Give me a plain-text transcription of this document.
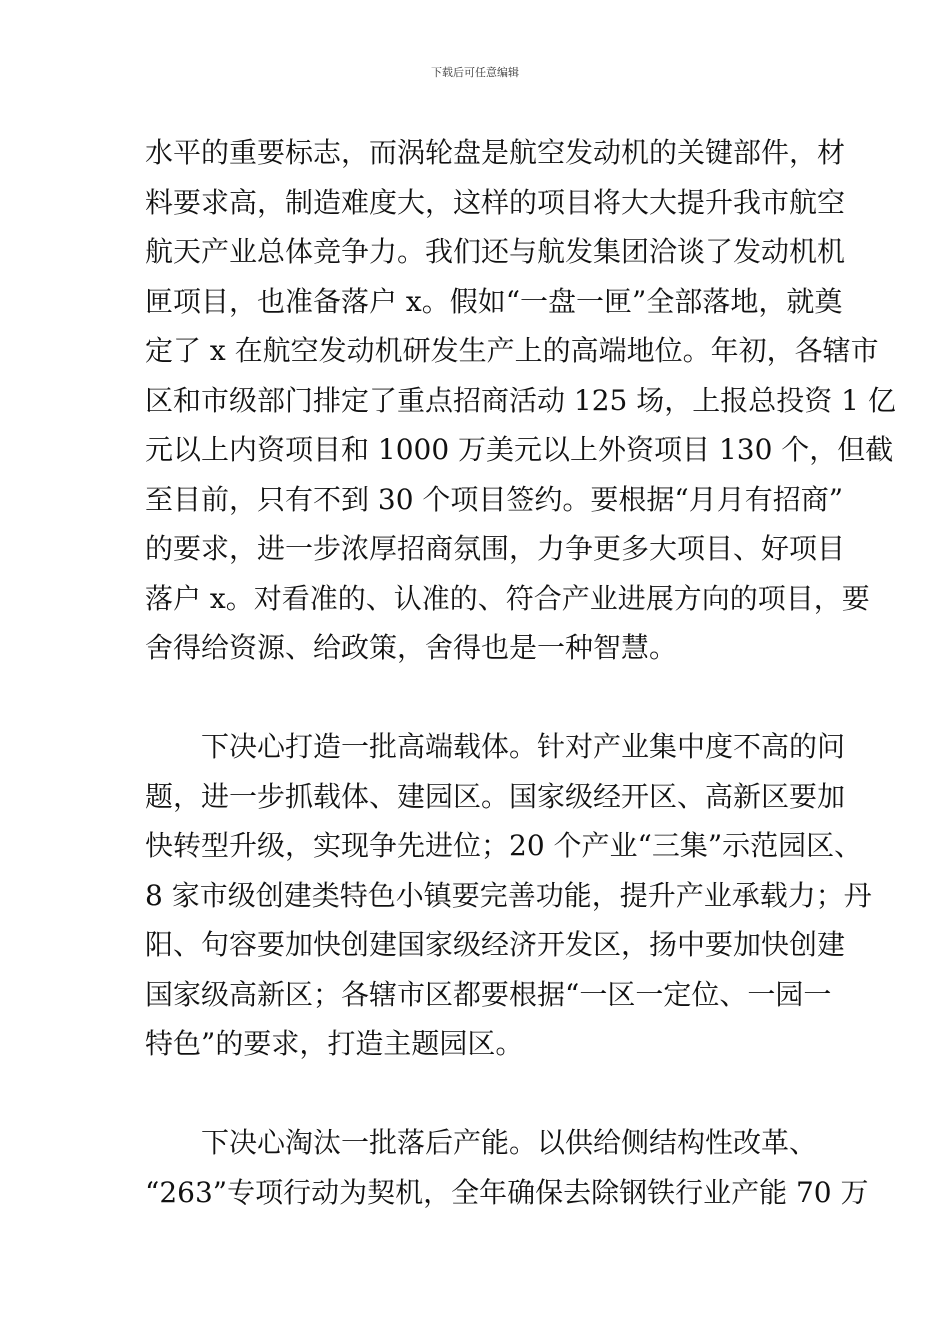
下载后可任意编辑

水平的重要标志，而涡轮盘是航空发动机的关键部件，材
料要求高，制造难度大，这样的项目将大大提升我市航空
航天产业总体竞争力。我们还与航发集团洽谈了发动机机
匣项目，也准备落户 x。假如“一盘一匣”全部落地，就奠
定了 x 在航空发动机研发生产上的高端地位。年初，各辖市
区和市级部门排定了重点招商活动 125 场，上报总投资 1 亿
元以上内资项目和 1000 万美元以上外资项目 130 个，但截
至目前，只有不到 30 个项目签约。要根据“月月有招商”
的要求，进一步浓厚招商氛围，力争更多大项目、好项目
落户 x。对看准的、认准的、符合产业进展方向的项目，要
舍得给资源、给政策，舍得也是一种智慧。

下决心打造一批高端载体。针对产业集中度不高的问
题，进一步抓载体、建园区。国家级经开区、高新区要加
快转型升级，实现争先进位；20 个产业“三集”示范园区、
8 家市级创建类特色小镇要完善功能，提升产业承载力；丹
阳、句容要加快创建国家级经济开发区，扬中要加快创建
国家级高新区；各辖市区都要根据“一区一定位、一园一
特色”的要求，打造主题园区。

下决心淘汰一批落后产能。以供给侧结构性改革、
“263”专项行动为契机，全年确保去除钢铁行业产能 70 万
